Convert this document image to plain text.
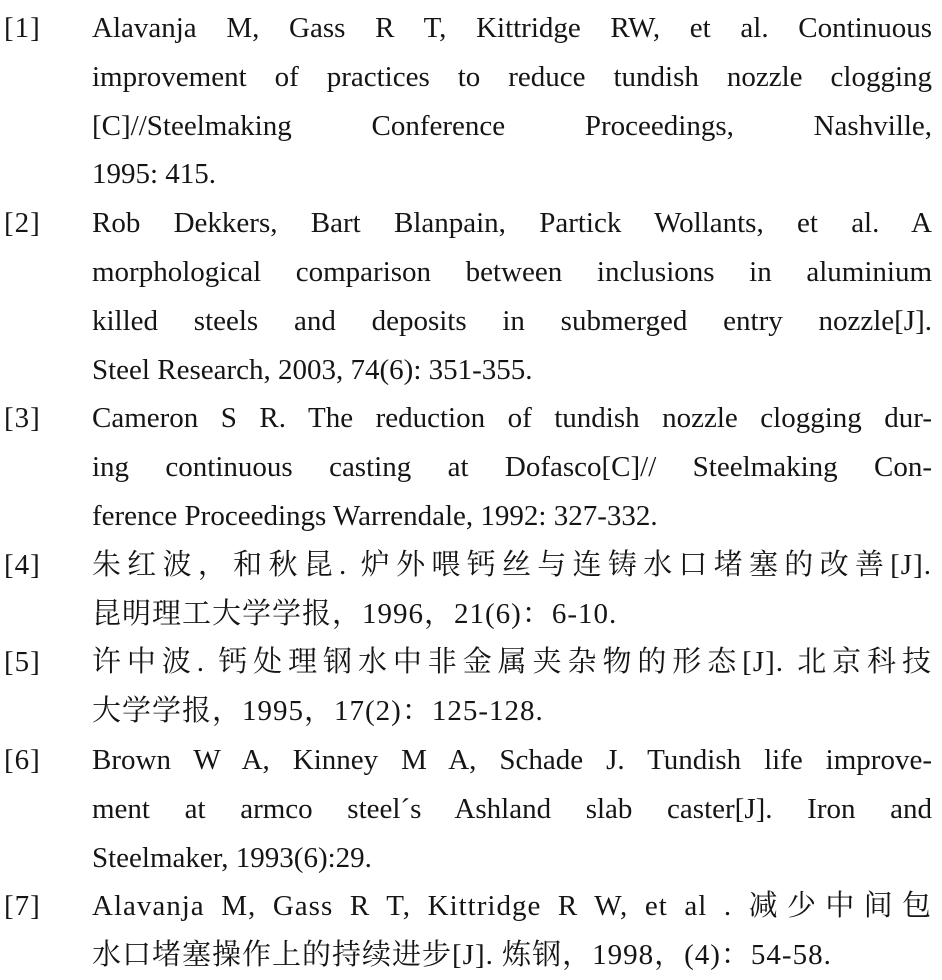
[1]	Alavanja M, Gass R T, Kittridge RW, et al. Continuous
improvement of practices to reduce tundish nozzle clogging
[C]//Steelmaking Conference Proceedings, Nashville,
1995: 415.
[2]	Rob Dekkers, Bart Blanpain, Partick Wollants, et al. A
morphological comparison between inclusions in aluminium
killed steels and deposits in submerged entry nozzle[J].
Steel Research, 2003, 74(6): 351-355.
[3]	Cameron S R. The reduction of tundish nozzle clogging dur-
ing continuous casting at Dofasco[C]// Steelmaking Con-
ference Proceedings Warrendale, 1992: 327-332.
[4]	朱红波，和秋昆. 炉外喂钙丝与连铸水口堵塞的改善[J].
昆明理工大学学报，1996，21(6)：6-10.
[5]	许中波. 钙处理钢水中非金属夹杂物的形态[J]. 北京科技
大学学报，1995，17(2)：125-128.
[6]	Brown W A, Kinney M A, Schade J. Tundish life improve-
ment at armco steel´s Ashland slab caster[J]. Iron and
Steelmaker, 1993(6):29.
[7]	Alavanja M, Gass R T, Kittridge R W, et al . 减少中间包
水口堵塞操作上的持续进步[J]. 炼钢，1998，(4)：54-58.
